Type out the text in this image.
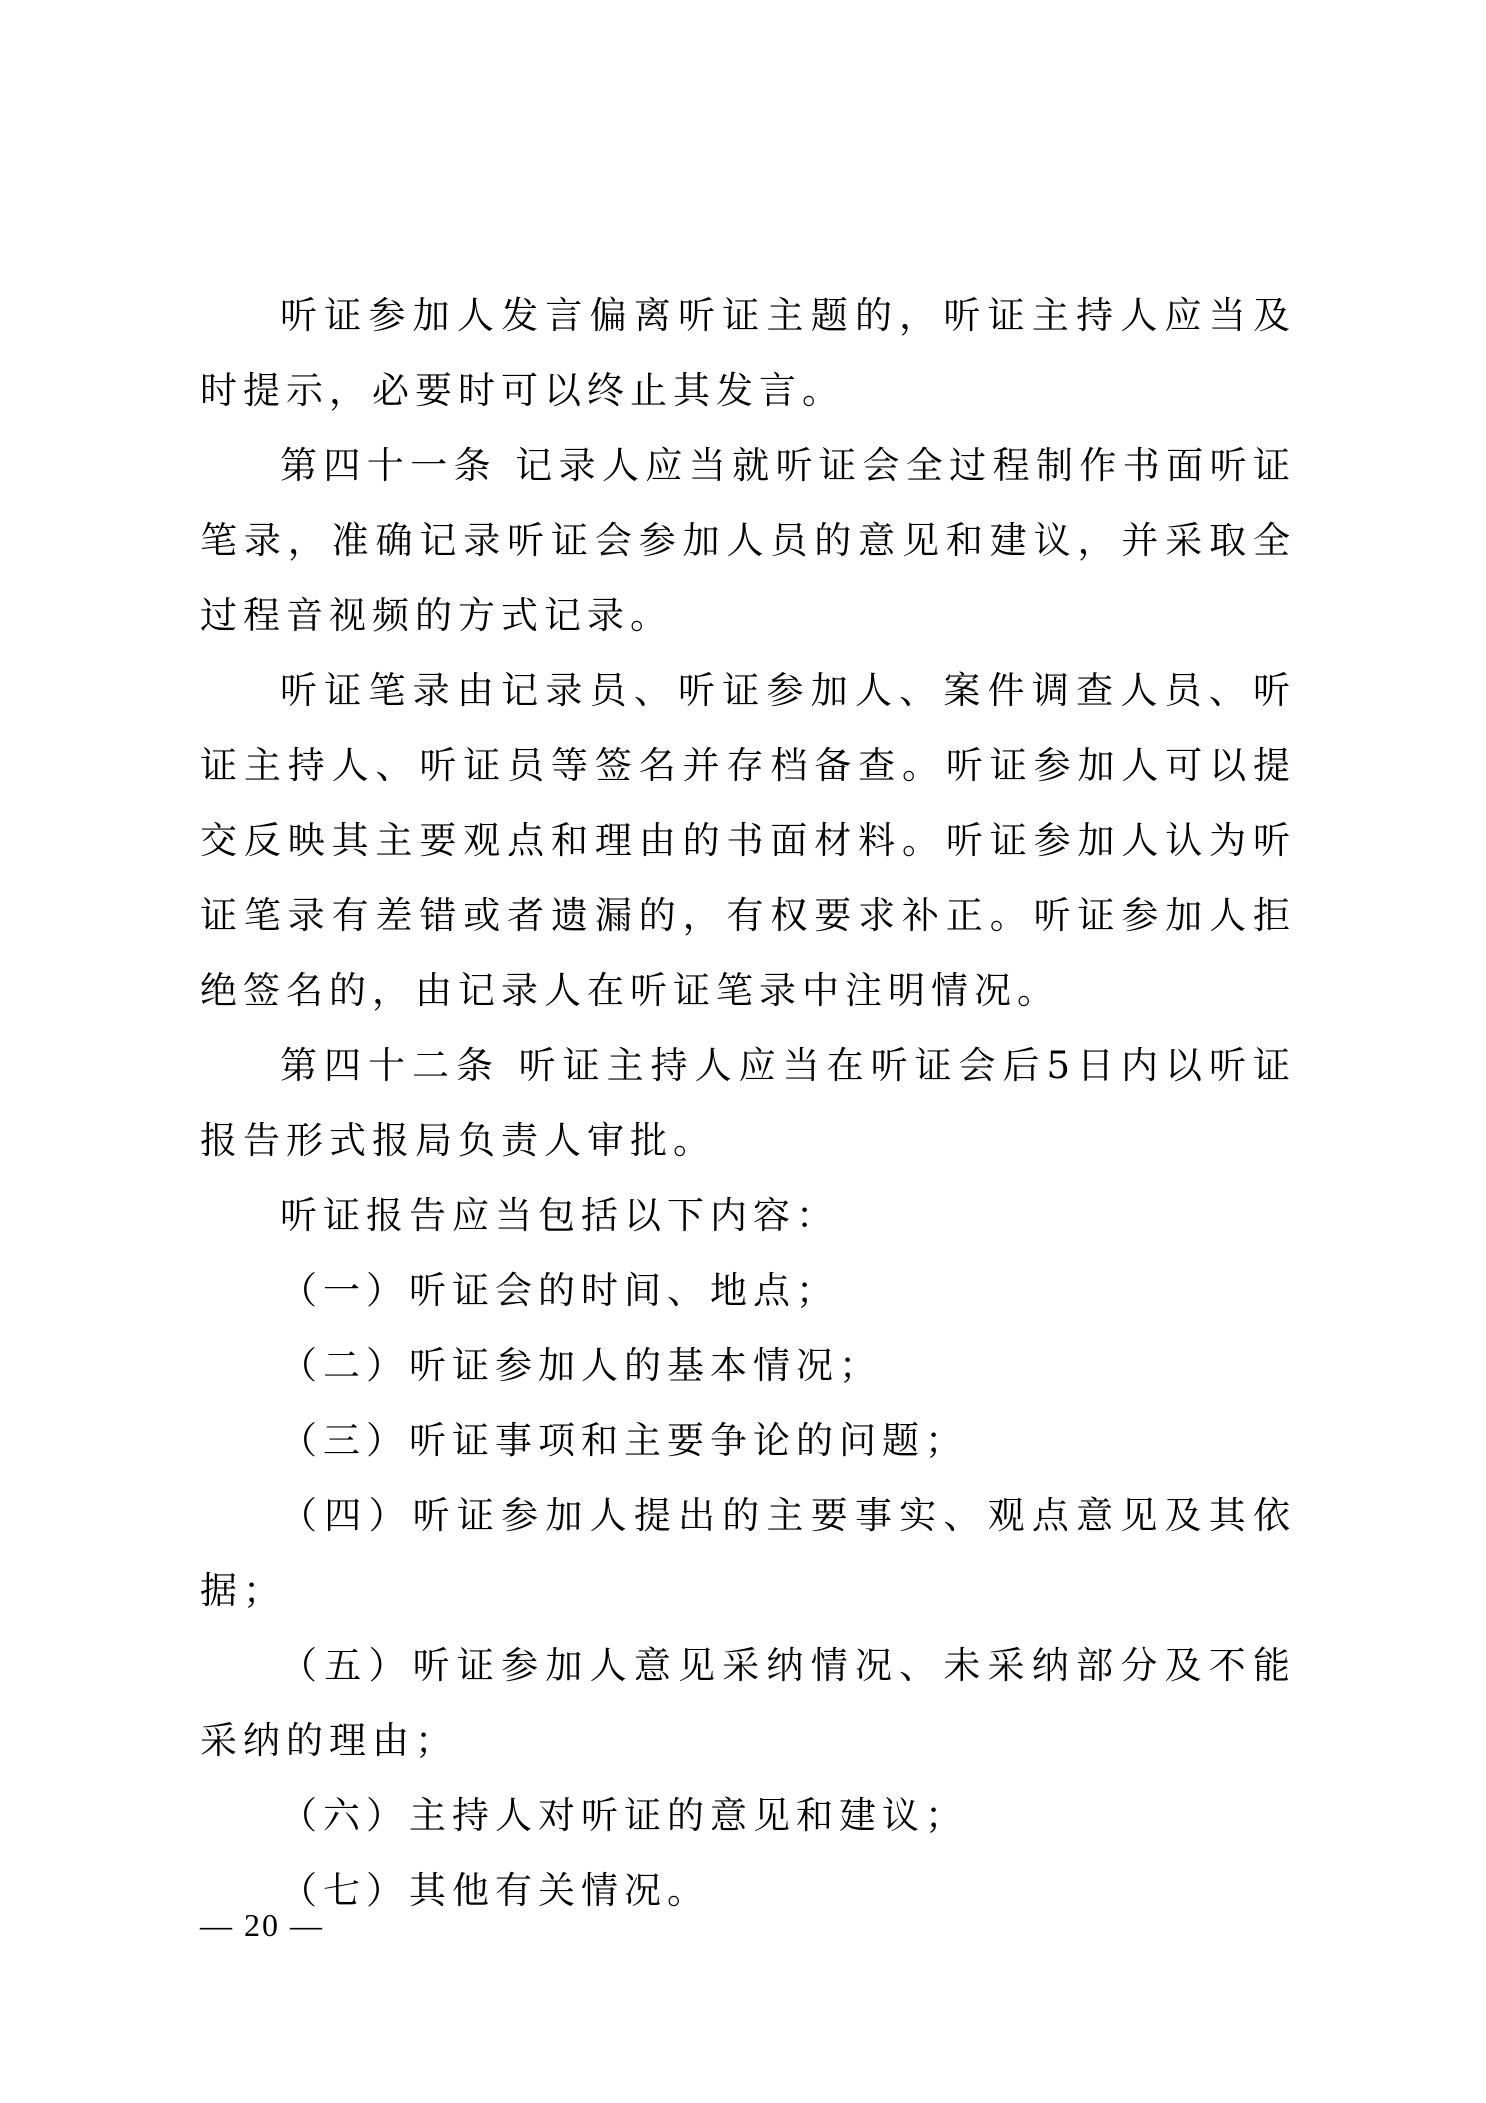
听证参加人发言偏离听证主题的，听证主持人应当及时提示，必要时可以终止其发言。

第四十一条 记录人应当就听证会全过程制作书面听证笔录，准确记录听证会参加人员的意见和建议，并采取全过程音视频的方式记录。

听证笔录由记录员、听证参加人、案件调查人员、听证主持人、听证员等签名并存档备查。听证参加人可以提交反映其主要观点和理由的书面材料。听证参加人认为听证笔录有差错或者遗漏的，有权要求补正。听证参加人拒绝签名的，由记录人在听证笔录中注明情况。

第四十二条 听证主持人应当在听证会后5日内以听证报告形式报局负责人审批。

听证报告应当包括以下内容：

（一）听证会的时间、地点；

（二）听证参加人的基本情况；

（三）听证事项和主要争论的问题；

（四）听证参加人提出的主要事实、观点意见及其依据；

（五）听证参加人意见采纳情况、未采纳部分及不能采纳的理由；

（六）主持人对听证的意见和建议；

（七）其他有关情况。

— 20 —
